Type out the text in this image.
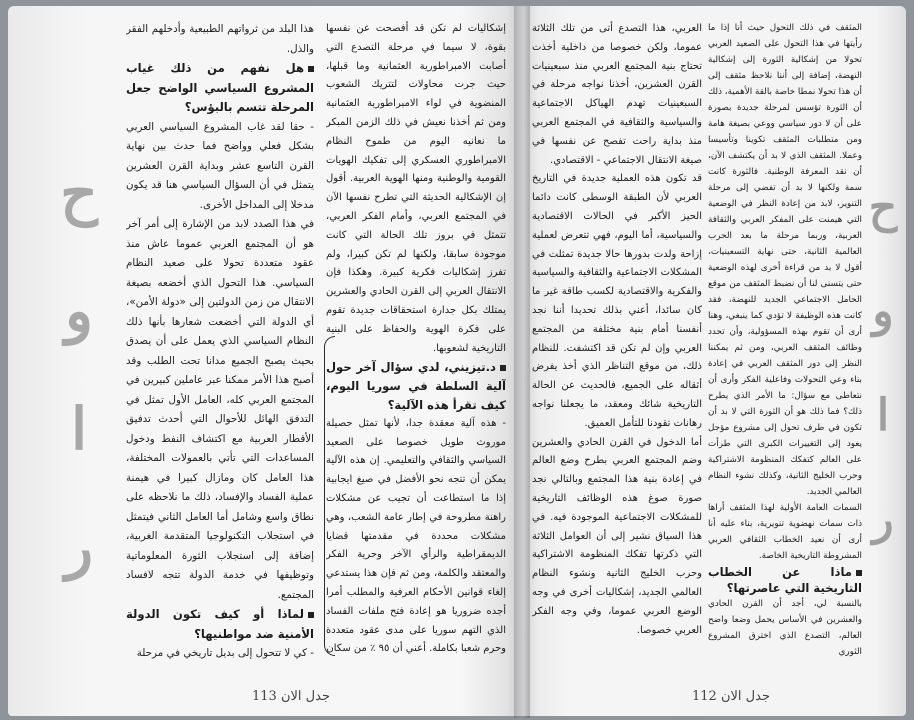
ح
و
ا
ر

هذا البلد من ثرواتهم الطبيعية وأدخلهم الفقر والذل.

هل نفهم من ذلك غياب المشروع السياسي الواضح جعل المرحلة تتسم بالبؤس؟

- حقا لقد غاب المشروع السياسي العربي بشكل فعلي وواضح فما حدث بين نهاية القرن التاسع عشر وبداية القرن العشرين يتمثل في أن السؤال السياسي هنا قد يكون مدخلا إلى المداخل الأخرى.

في هذا الصدد لابد من الإشارة إلى أمر آخر هو أن المجتمع العربي عموما عاش منذ عقود متعددة تحولا على صعيد النظام السياسي. هذا التحول الذي أخضعه بصيغة الانتقال من زمن الدولتين إلى «دولة الأمن»، أي الدولة التي أخضعت شعارها بأنها ذلك النظام السياسي الذي يعمل على أن يصدق بحيث يصبح الجميع مدانا تحت الطلب وقد أصبح هذا الأمر ممكنا عبر عاملين كبيرين في المجتمع العربي كله، العامل الأول تمثل في التدفق الهائل للأحوال التي أحدث تدفيق الأقطار العربية مع اكتشاف النفط ودخول المساعدات التي تأتي بالعمولات المختلفة، هذا العامل كان ومازال كبيرا في هيمنة عملية الفساد والإفساد، ذلك ما نلاحظه على نطاق واسع وشامل أما العامل الثاني فيتمثل في استجلاب التكنولوجيا المتقدمة الغربية، إضافة إلى استجلاب الثورة المعلوماتية وتوظيفها في خدمة الدولة تتجه لافساد المجتمع.

لماذا أو كيف تكون الدولة الأمنية ضد مواطنيها؟

- كي لا تتحول إلى بديل تاريخي في مرحلة

إشكاليات لم تكن قد أفصحت عن نفسها بقوة، لا سيما في مرحلة التصدع التي أصابت الامبراطورية العثمانية وما قبلها، حيث جرت محاولات لتتريك الشعوب المنضوية في لواء الامبراطورية العثمانية ومن ثم أخذنا نعيش في ذلك الزمن المبكر ما نعانيه اليوم من طموح النظام الامبراطوري العسكري إلى تفكيك الهويات القومية والوطنية ومنها الهوية العربية. أقول إن الإشكالية الحديثة التي تطرح نفسها الآن في المجتمع العربي، وأمام الفكر العربي، تتمثل في بروز تلك الحالة التي كانت موجودة سابقا، ولكنها لم تكن كبيرا، ولم تفرز إشكاليات فكرية كبيرة. وهكذا فإن الانتقال العربي إلى القرن الحادي والعشرين يمتلك بكل جدارة استحقاقات جديدة تقوم على فكرة الهوية والحفاظ على البنية التاريخية لشعوبها.

د.تيزيني، لدي سؤال آخر حول آلية السلطة في سوريا اليوم، كيف تقرأ هذه الآلية؟

- هذه آلية معقدة جدا، لأنها تمثل حصيلة موروث طويل خصوصا على الصعيد السياسي والثقافي والتعليمي. إن هذه الآلية يمكن أن تتجه نحو الأفضل في صيغ ايجابية إذا ما استطاعت أن تجيب عن مشكلات راهنة مطروحة في إطار عامة الشعب، وهي مشكلات محددة في مقدمتها قضايا الديمقراطية والرأي الآخر وحرية الفكر والمعتقد والكلمة، ومن ثم فإن هذا يستدعي إلغاء قوانين الأحكام العرفية والمطلب أمرا أجده ضروريا هو إعادة فتح ملفات الفساد الذي التهم سوريا على مدى عقود متعددة وحرم شعبا بكاملة. أعني أن ٩٥ ٪ من سكان

جدل الان 113

العربي، هذا التصدع أتى من تلك الثلاثة عموما، ولكن خصوصا من داخلية أخذت تحتاج بنية المجتمع العربي منذ سبعينيات القرن العشرين، أخذنا نواجه مرحلة في السبعينيات تهدم الهياكل الاجتماعية والسياسية والثقافية في المجتمع العربي منذ بداية راحت تفصح عن نفسها في صيغة الانتقال الاجتماعي - الاقتصادي.

قد تكون هذه العملية جديدة في التاريخ العربي لأن الطبقة الوسطى كانت دائما الحيز الأكبر في الحالات الاقتصادية والسياسية، أما اليوم، فهي تتعرض لعملية إزاحة ولدت بدورها حالا جديدة تمثلت في المشكلات الاجتماعية والثقافية والسياسية والفكرية والاقتصادية لكسب طاقة غير ما كان سائدا، أعني بذلك تحديدا أننا نجد أنفسنا أمام بنية مختلفة من المجتمع العربي وإن لم تكن قد اكتشفت. للنظام ذلك، من موقع التناظر الذي أخذ يفرض أثقاله على الجميع، فالحديث عن الحالة التاريخية شائك ومعقد، ما يجعلنا نواجه رهانات تقودنا للتأمل العميق.

أما الدخول في القرن الحادي والعشرين وضم المجتمع العربي بطرح وضع العالم في إعادة بنية هذا المجتمع وبالتالي نجد صورة صوغ هذه الوظائف التاريخية للمشكلات الاجتماعية الموجودة فيه. في هذا السياق نشير إلى أن العوامل الثلاثة التي ذكرتها تفكك المنظومة الاشتراكية وحرب الخليج الثانية ونشوء النظام العالمي الجديد، إشكاليات أخرى في وجه الوضع العربي عموما، وفي وجه الفكر العربي خصوصا.

المثقف في ذلك التحول حيث أنا إذا ما رأيتها في هذا التحول على الصعيد العربي تحولا من إشكالية الثورة إلى إشكالية النهضة، إضافة إلى أننا نلاحظ مثقف إلى أن هذا تحولا نمطا خاصة بالقة الأهمية، ذلك أن الثورة تؤسس لمرحلة جديدة بصورة على أن لا دور سياسي ووعي بصيغة هامة ومن متطلبات المثقف تكوينا وتأسيسا وعملا. المثقف الذي لا بد أن يكتشف الآن، أن نقد المعرفة الوطنية. فالثورة كانت سمة ولكنها لا بد أن تفضي إلى مرحلة التنوير، لابد من إعادة النظر في الوضعية التي هيمنت على المفكر العربي والثقافة العربية، وربما مرحلة ما بعد الحرب العالمية الثانية، حتى نهاية التسعينيات، أقول لا بد من قراءة أخرى لهذه الوضعية حتى يتسنى لنا أن نضبط المثقف من موقع الحامل الاجتماعي الجديد للنهضة، فقد كانت هذه الوظيفة لا تؤدي كما ينبغي، وهنا أرى أن تقوم بهذه المسؤولية، وأن تحدد وظائف المثقف العربي، ومن ثم يمكننا النظر إلى دور المثقف العربي في إعادة بناء وعي التحولات وفاعلية الفكر وأرى أن نتعاطى مع سؤال: ما الأمر الذي يطرح ذلك؟ فما ذلك هو أن الثورة التي لا بد أن تكون في طرف تحول إلى مشروع مؤجل يعود إلى التغييرات الكبرى التي طرأت على العالم كتفكك المنظومة الاشتراكية وحرب الخليج الثانية، وكذلك نشوء النظام العالمي الجديد.

السمات العامة الأولية لهذا المثقف أراها ذات سمات نهضوية تنويرية، بناء عليه أنا أرى أن نعيد الخطاب الثقافي العربي المشروطة التاريخية الخاصة.

ماذا عن الخطاب التاريخية التي عاصرتها؟

بالنسبة لي، أجد أن القرن الحادي والعشرين في الأساس يحمل وضعا واضح العالم، التصدع الذي اخترق المشروع الثوري

ح
و
ا
ر
جدل الان 112
